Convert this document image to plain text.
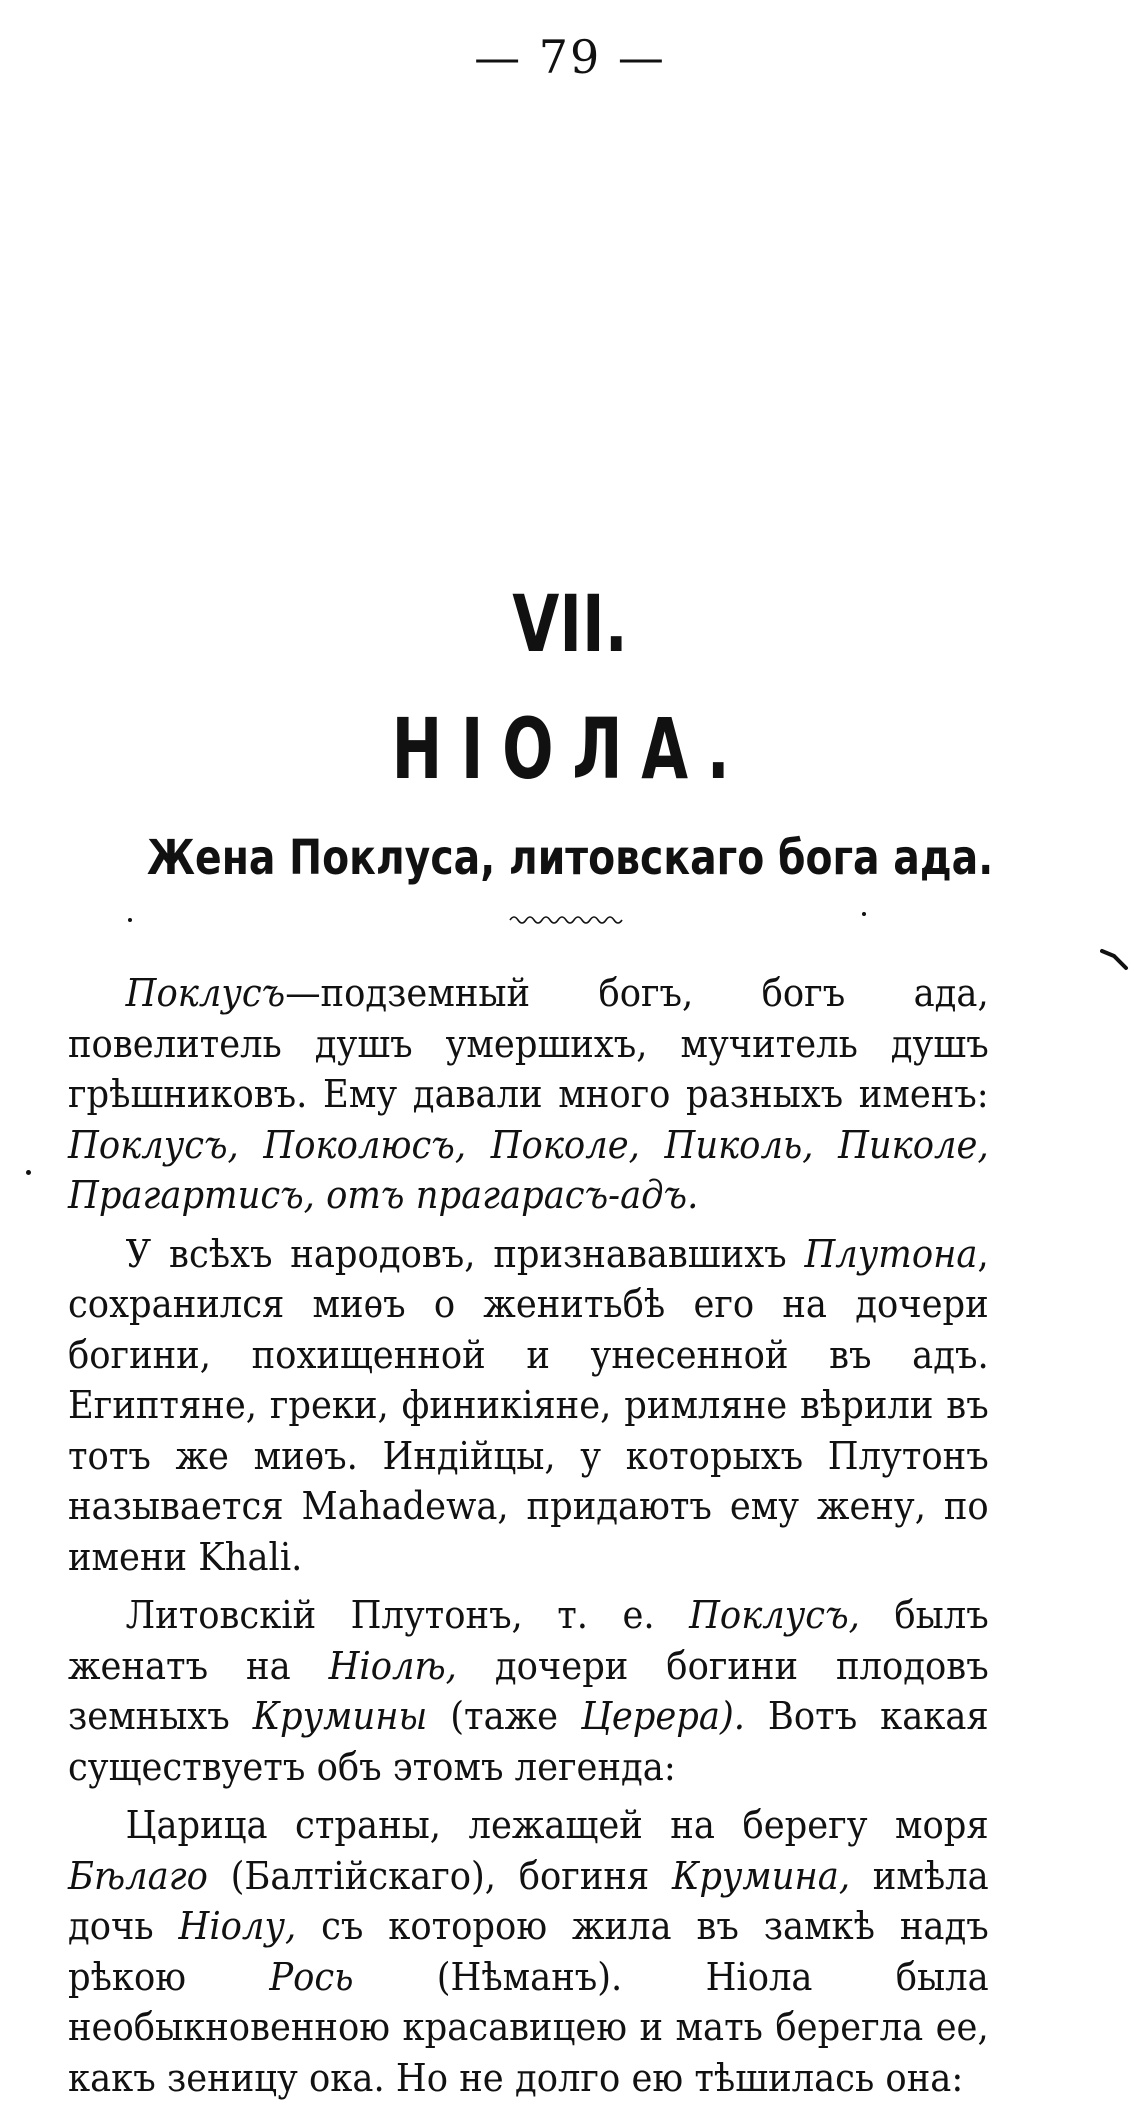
— 79 —
VII.
НІОЛА.
Жена Поклуса, литовскаго бога ада.

Поклусъ—подземный богъ, богъ ада, повелитель душъ умершихъ, мучитель душъ грѣшниковъ. Ему давали много разныхъ именъ: Поклусъ, Поколюсъ, Поколе, Пиколь, Пиколе, Прагартисъ, отъ прагарасъ-адъ.

У всѣхъ народовъ, признававшихъ Плутона, сохранился миѳъ о женитьбѣ его на дочери богини, похищенной и унесенной въ адъ. Египтяне, греки, финикіяне, римляне вѣрили въ тотъ же миѳъ. Индійцы, у которыхъ Плутонъ называется Mahadewa, придаютъ ему жену, по имени Khali.

Литовскій Плутонъ, т. е. Поклусъ, былъ женатъ на Ніолѣ, дочери богини плодовъ земныхъ Крумины (таже Церера). Вотъ какая существуетъ объ этомъ легенда:

Царица страны, лежащей на берегу моря Бѣлаго (Балтійскаго), богиня Крумина, имѣла дочь Ніолу, съ которою жила въ замкѣ надъ рѣкою Рось (Нѣманъ). Ніола была необыкновенною красавицею и мать берегла ее, какъ зеницу ока. Но не долго ею тѣшилась она:
